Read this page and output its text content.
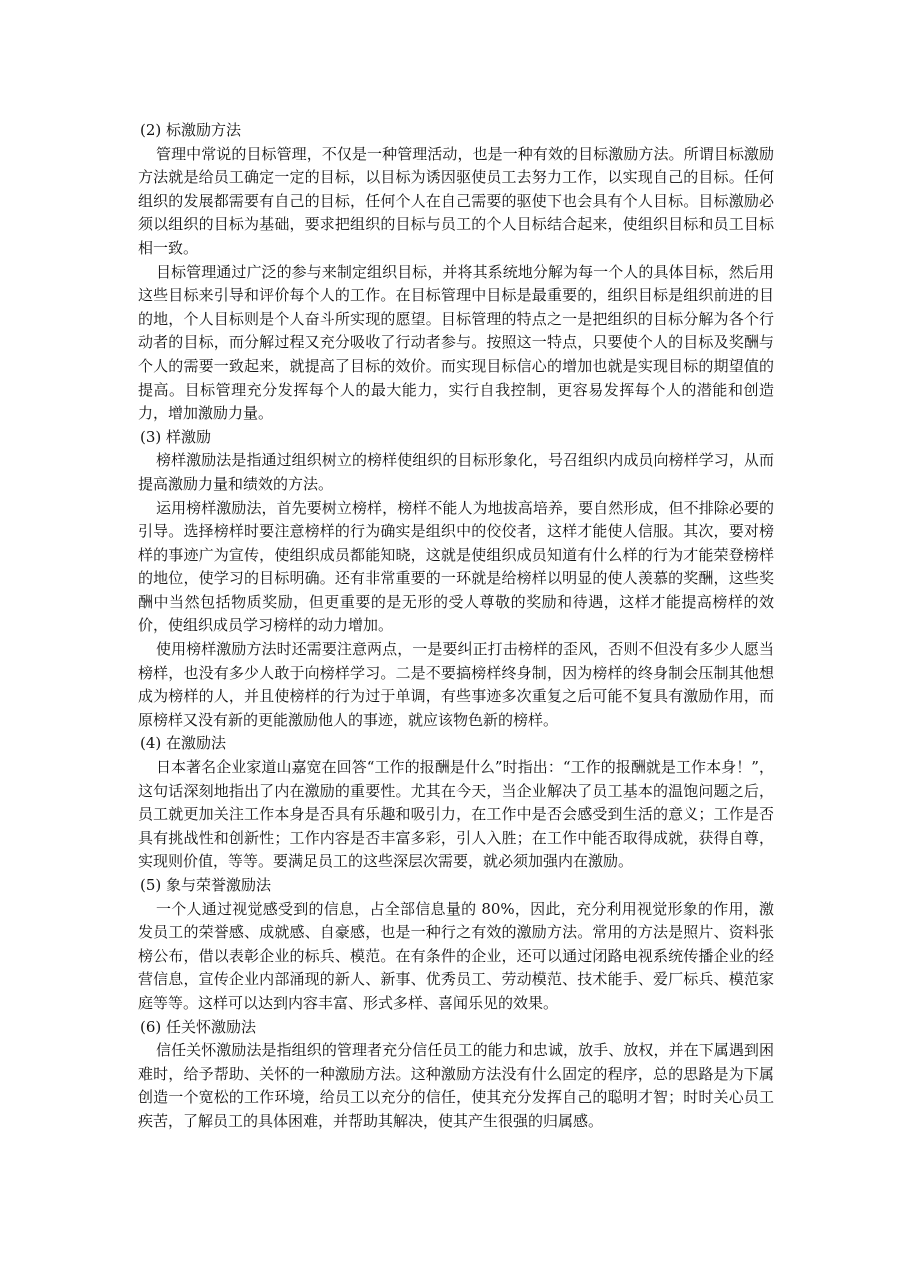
(2) 标激励方法

管理中常说的目标管理，不仅是一种管理活动，也是一种有效的目标激励方法。所谓目标激励方法就是给员工确定一定的目标，以目标为诱因驱使员工去努力工作，以实现自己的目标。任何组织的发展都需要有自己的目标，任何个人在自己需要的驱使下也会具有个人目标。目标激励必须以组织的目标为基础，要求把组织的目标与员工的个人目标结合起来，使组织目标和员工目标相一致。

目标管理通过广泛的参与来制定组织目标，并将其系统地分解为每一个人的具体目标，然后用这些目标来引导和评价每个人的工作。在目标管理中目标是最重要的，组织目标是组织前进的目的地，个人目标则是个人奋斗所实现的愿望。目标管理的特点之一是把组织的目标分解为各个行动者的目标，而分解过程又充分吸收了行动者参与。按照这一特点，只要使个人的目标及奖酬与个人的需要一致起来，就提高了目标的效价。而实现目标信心的增加也就是实现目标的期望值的提高。目标管理充分发挥每个人的最大能力，实行自我控制，更容易发挥每个人的潜能和创造力，增加激励力量。

(3) 样激励

榜样激励法是指通过组织树立的榜样使组织的目标形象化，号召组织内成员向榜样学习，从而提高激励力量和绩效的方法。

运用榜样激励法，首先要树立榜样，榜样不能人为地拔高培养，要自然形成，但不排除必要的引导。选择榜样时要注意榜样的行为确实是组织中的佼佼者，这样才能使人信服。其次，要对榜样的事迹广为宣传，使组织成员都能知晓，这就是使组织成员知道有什么样的行为才能荣登榜样的地位，使学习的目标明确。还有非常重要的一环就是给榜样以明显的使人羡慕的奖酬，这些奖酬中当然包括物质奖励，但更重要的是无形的受人尊敬的奖励和待遇，这样才能提高榜样的效价，使组织成员学习榜样的动力增加。

使用榜样激励方法时还需要注意两点，一是要纠正打击榜样的歪风，否则不但没有多少人愿当榜样，也没有多少人敢于向榜样学习。二是不要搞榜样终身制，因为榜样的终身制会压制其他想成为榜样的人，并且使榜样的行为过于单调，有些事迹多次重复之后可能不复具有激励作用，而原榜样又没有新的更能激励他人的事迹，就应该物色新的榜样。

(4) 在激励法

日本著名企业家道山嘉宽在回答“工作的报酬是什么”时指出：“工作的报酬就是工作本身！”，这句话深刻地指出了内在激励的重要性。尤其在今天，当企业解决了员工基本的温饱问题之后，员工就更加关注工作本身是否具有乐趣和吸引力，在工作中是否会感受到生活的意义；工作是否具有挑战性和创新性；工作内容是否丰富多彩，引人入胜；在工作中能否取得成就，获得自尊，实现则价值，等等。要满足员工的这些深层次需要，就必须加强内在激励。

(5) 象与荣誉激励法

一个人通过视觉感受到的信息，占全部信息量的 80%，因此，充分利用视觉形象的作用，激发员工的荣誉感、成就感、自豪感，也是一种行之有效的激励方法。常用的方法是照片、资料张榜公布，借以表彰企业的标兵、模范。在有条件的企业，还可以通过闭路电视系统传播企业的经营信息，宣传企业内部涌现的新人、新事、优秀员工、劳动模范、技术能手、爱厂标兵、模范家庭等等。这样可以达到内容丰富、形式多样、喜闻乐见的效果。

(6) 任关怀激励法

信任关怀激励法是指组织的管理者充分信任员工的能力和忠诚，放手、放权，并在下属遇到困难时，给予帮助、关怀的一种激励方法。这种激励方法没有什么固定的程序，总的思路是为下属创造一个宽松的工作环境，给员工以充分的信任，使其充分发挥自己的聪明才智；时时关心员工疾苦，了解员工的具体困难，并帮助其解决，使其产生很强的归属感。
